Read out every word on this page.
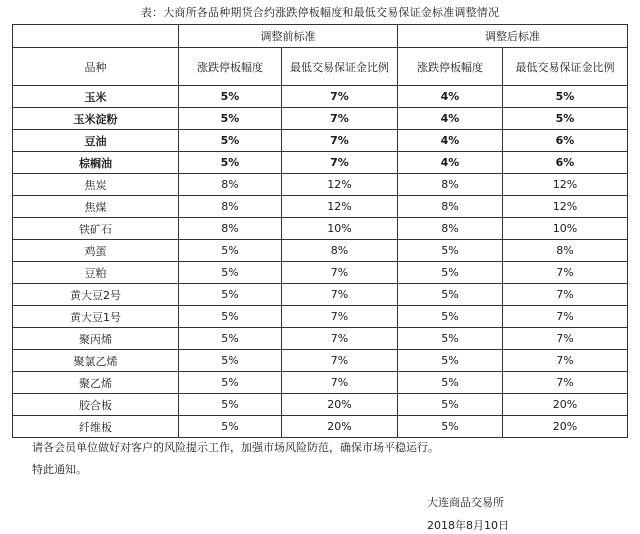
表：大商所各品种期货合约涨跌停板幅度和最低交易保证金标准调整情况
	调整前标准		调整后标准	
品种	涨跌停板幅度	最低交易保证金比例	涨跌停板幅度	最低交易保证金比例
玉米	5%	7%	4%	5%
玉米淀粉	5%	7%	4%	5%
豆油	5%	7%	4%	6%
棕榈油	5%	7%	4%	6%
焦炭	8%	12%	8%	12%
焦煤	8%	12%	8%	12%
铁矿石	8%	10%	8%	10%
鸡蛋	5%	8%	5%	8%
豆粕	5%	7%	5%	7%
黄大豆2号	5%	7%	5%	7%
黄大豆1号	5%	7%	5%	7%
聚丙烯	5%	7%	5%	7%
聚氯乙烯	5%	7%	5%	7%
聚乙烯	5%	7%	5%	7%
胶合板	5%	20%	5%	20%
纤维板	5%	20%	5%	20%
请各会员单位做好对客户的风险提示工作，加强市场风险防范，确保市场平稳运行。
特此通知。
大连商品交易所
2018年8月10日
